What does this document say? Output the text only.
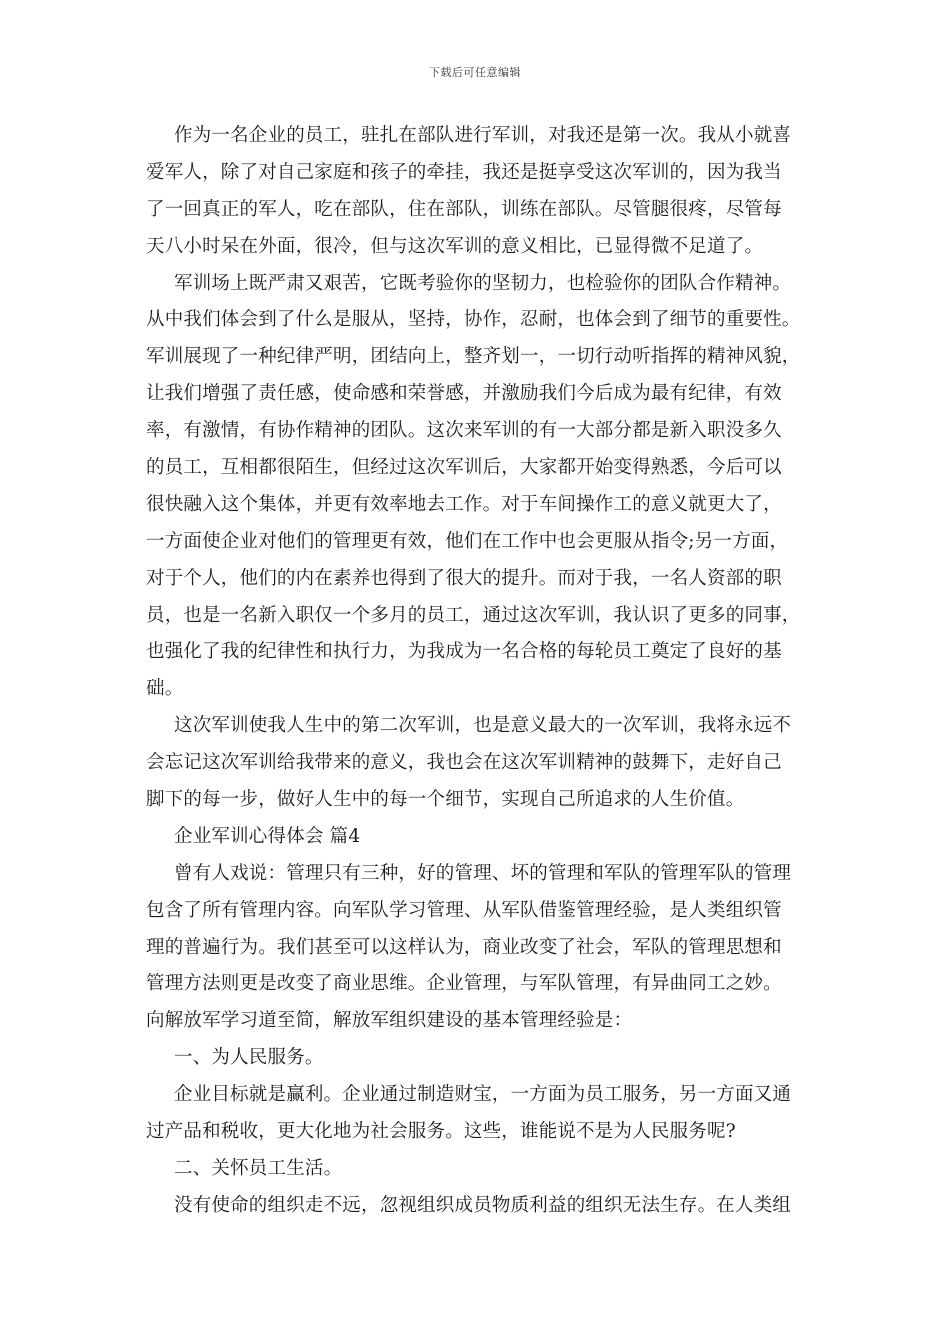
下载后可任意编辑
作为一名企业的员工，驻扎在部队进行军训，对我还是第一次。我从小就喜
爱军人，除了对自己家庭和孩子的牵挂，我还是挺享受这次军训的，因为我当
了一回真正的军人，吃在部队，住在部队，训练在部队。尽管腿很疼，尽管每
天八小时呆在外面，很冷，但与这次军训的意义相比，已显得微不足道了。
军训场上既严肃又艰苦，它既考验你的坚韧力，也检验你的团队合作精神。
从中我们体会到了什么是服从，坚持，协作，忍耐，也体会到了细节的重要性。
军训展现了一种纪律严明，团结向上，整齐划一，一切行动听指挥的精神风貌，
让我们增强了责任感，使命感和荣誉感，并激励我们今后成为最有纪律，有效
率，有激情，有协作精神的团队。这次来军训的有一大部分都是新入职没多久
的员工，互相都很陌生，但经过这次军训后，大家都开始变得熟悉，今后可以
很快融入这个集体，并更有效率地去工作。对于车间操作工的意义就更大了，
一方面使企业对他们的管理更有效，他们在工作中也会更服从指令;另一方面，
对于个人，他们的内在素养也得到了很大的提升。而对于我，一名人资部的职
员，也是一名新入职仅一个多月的员工，通过这次军训，我认识了更多的同事，
也强化了我的纪律性和执行力，为我成为一名合格的每轮员工奠定了良好的基
础。
这次军训使我人生中的第二次军训，也是意义最大的一次军训，我将永远不
会忘记这次军训给我带来的意义，我也会在这次军训精神的鼓舞下，走好自己
脚下的每一步，做好人生中的每一个细节，实现自己所追求的人生价值。
企业军训心得体会 篇4
曾有人戏说：管理只有三种，好的管理、坏的管理和军队的管理军队的管理
包含了所有管理内容。向军队学习管理、从军队借鉴管理经验，是人类组织管
理的普遍行为。我们甚至可以这样认为，商业改变了社会，军队的管理思想和
管理方法则更是改变了商业思维。企业管理，与军队管理，有异曲同工之妙。
向解放军学习道至简，解放军组织建设的基本管理经验是：
一、为人民服务。
企业目标就是赢利。企业通过制造财宝，一方面为员工服务，另一方面又通
过产品和税收，更大化地为社会服务。这些，谁能说不是为人民服务呢?
二、关怀员工生活。
没有使命的组织走不远，忽视组织成员物质利益的组织无法生存。在人类组
